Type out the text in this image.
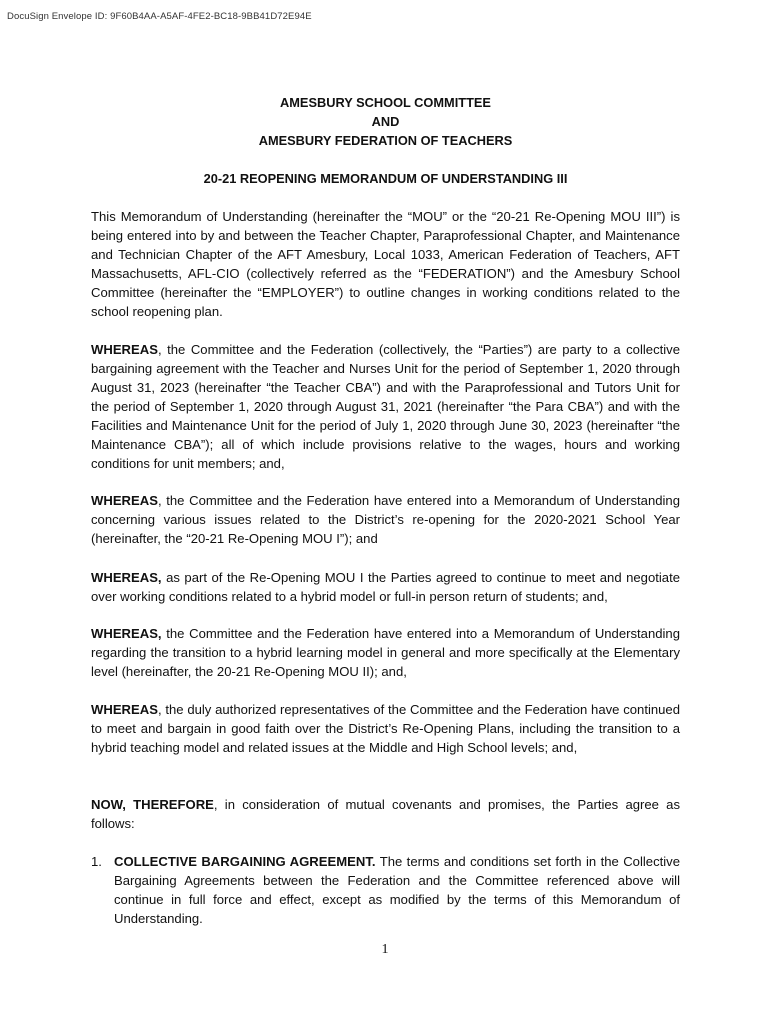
DocuSign Envelope ID: 9F60B4AA-A5AF-4FE2-BC18-9BB41D72E94E
AMESBURY SCHOOL COMMITTEE
AND
AMESBURY FEDERATION OF TEACHERS
20-21 REOPENING MEMORANDUM OF UNDERSTANDING III
This Memorandum of Understanding (hereinafter the “MOU” or the “20-21 Re-Opening MOU III”) is being entered into by and between the Teacher Chapter, Paraprofessional Chapter, and Maintenance and Technician Chapter of the AFT Amesbury, Local 1033, American Federation of Teachers, AFT Massachusetts, AFL-CIO (collectively referred as the “FEDERATION”) and the Amesbury School Committee (hereinafter the “EMPLOYER”) to outline changes in working conditions related to the school reopening plan.
WHEREAS, the Committee and the Federation (collectively, the “Parties”) are party to a collective bargaining agreement with the Teacher and Nurses Unit for the period of September 1, 2020 through August 31, 2023 (hereinafter “the Teacher CBA”) and with the Paraprofessional and Tutors Unit for the period of September 1, 2020 through August 31, 2021 (hereinafter “the Para CBA”) and with the Facilities and Maintenance Unit for the period of July 1, 2020 through June 30, 2023 (hereinafter “the Maintenance CBA”); all of which include provisions relative to the wages, hours and working conditions for unit members; and,
WHEREAS, the Committee and the Federation have entered into a Memorandum of Understanding concerning various issues related to the District’s re-opening for the 2020-2021 School Year (hereinafter, the “20-21 Re-Opening MOU I”); and
WHEREAS, as part of the Re-Opening MOU I the Parties agreed to continue to meet and negotiate over working conditions related to a hybrid model or full-in person return of students; and,
WHEREAS, the Committee and the Federation have entered into a Memorandum of Understanding regarding the transition to a hybrid learning model in general and more specifically at the Elementary level (hereinafter, the 20-21 Re-Opening MOU II); and,
WHEREAS, the duly authorized representatives of the Committee and the Federation have continued to meet and bargain in good faith over the District’s Re-Opening Plans, including the transition to a hybrid teaching model and related issues at the Middle and High School levels; and,
NOW, THEREFORE, in consideration of mutual covenants and promises, the Parties agree as follows:
1. COLLECTIVE BARGAINING AGREEMENT. The terms and conditions set forth in the Collective Bargaining Agreements between the Federation and the Committee referenced above will continue in full force and effect, except as modified by the terms of this Memorandum of Understanding.
1
